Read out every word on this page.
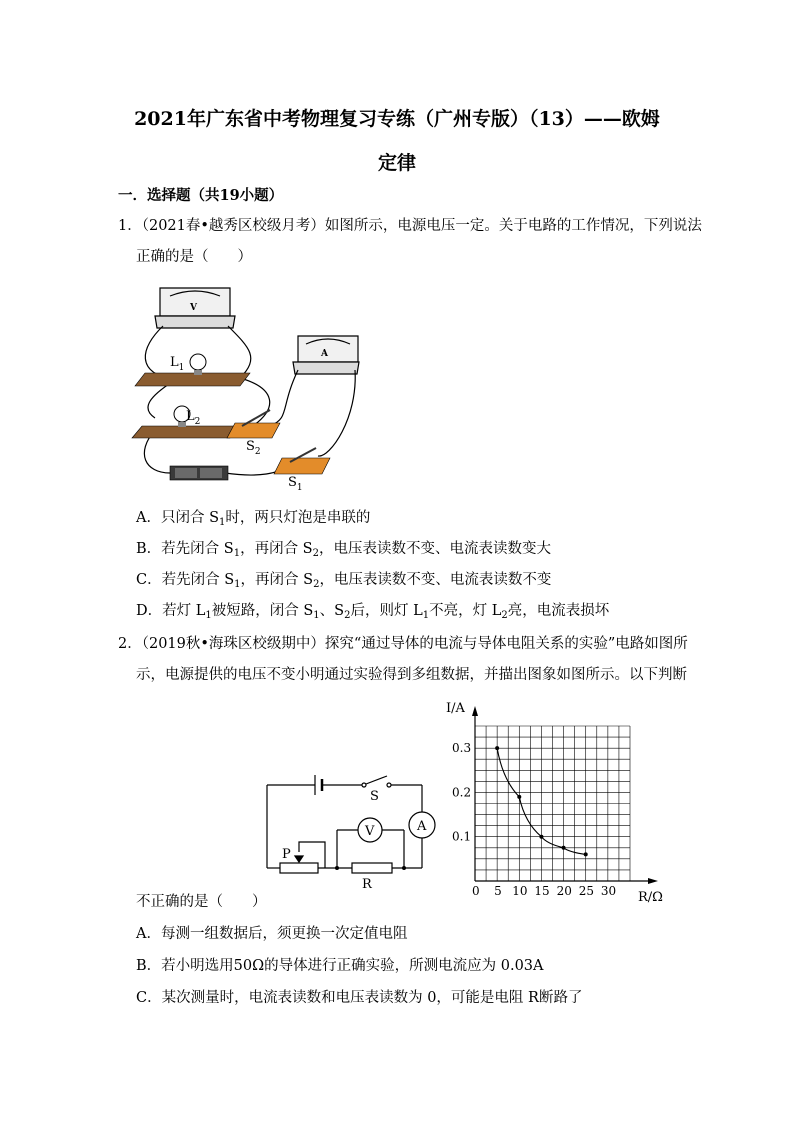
2021年广东省中考物理复习专练（广州专版）（13）——欧姆
定律
一．选择题（共19小题）
1．（2021春•越秀区校级月考）如图所示，电源电压一定。关于电路的工作情况，下列说法
正确的是（　　）
V
A
$L_1$
$L_2$
$S_2$
$S_1$
A．只闭合 $S_1$时，两只灯泡是串联的
B．若先闭合 $S_1$，再闭合 $S_2$，电压表读数不变、电流表读数变大
C．若先闭合 $S_1$，再闭合 $S_2$，电压表读数不变、电流表读数不变
D．若灯 $L_1$被短路，闭合 $S_1$、$S_2$后，则灯 $L_1$不亮，灯 $L_2$亮，电流表损坏
2．（2019秋•海珠区校级期中）探究“通过导体的电流与导体电阻关系的实验”电路如图所
示，电源提供的电压不变小明通过实验得到多组数据，并描出图象如图所示。以下判断
S
V	A
P
R
I/A
R/Ω
0 5 10 15 20 25 30
0.1
0.2
0.3
不正确的是（　　）
A．每测一组数据后，须更换一次定值电阻
B．若小明选用50Ω的导体进行正确实验，所测电流应为 0.03A
C．某次测量时，电流表读数和电压表读数为 0，可能是电阻 R断路了
